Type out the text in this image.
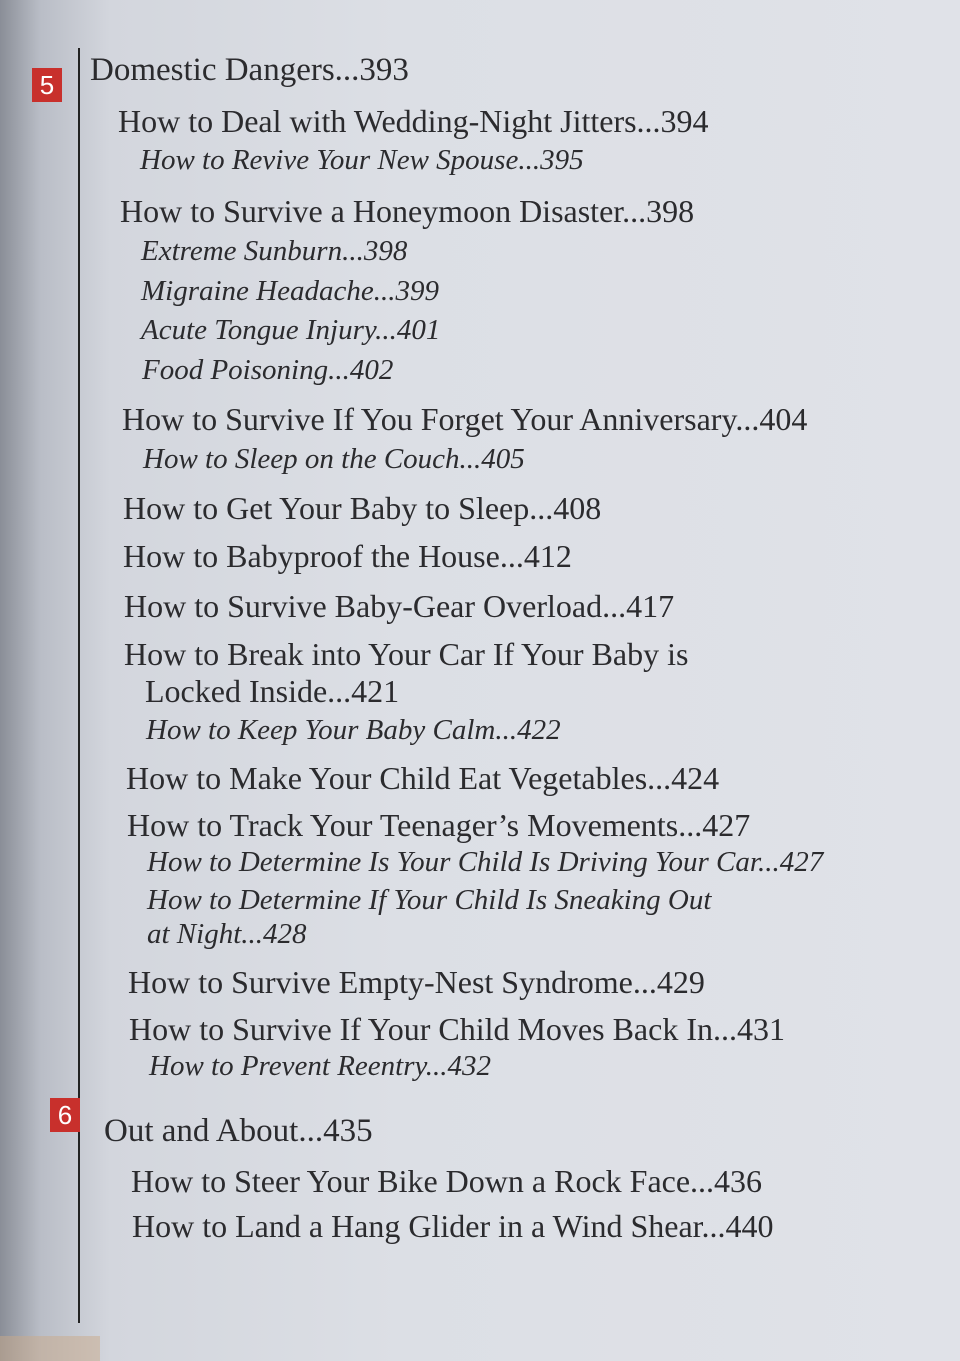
5 Domestic Dangers...393
How to Deal with Wedding-Night Jitters...394
How to Revive Your New Spouse...395
How to Survive a Honeymoon Disaster...398
Extreme Sunburn...398
Migraine Headache...399
Acute Tongue Injury...401
Food Poisoning...402
How to Survive If You Forget Your Anniversary...404
How to Sleep on the Couch...405
How to Get Your Baby to Sleep...408
How to Babyproof the House...412
How to Survive Baby-Gear Overload...417
How to Break into Your Car If Your Baby is
Locked Inside...421
How to Keep Your Baby Calm...422
How to Make Your Child Eat Vegetables...424
How to Track Your Teenager’s Movements...427
How to Determine Is Your Child Is Driving Your Car...427
How to Determine If Your Child Is Sneaking Out
at Night...428
How to Survive Empty-Nest Syndrome...429
How to Survive If Your Child Moves Back In...431
How to Prevent Reentry...432
6 Out and About...435
How to Steer Your Bike Down a Rock Face...436
How to Land a Hang Glider in a Wind Shear...440
